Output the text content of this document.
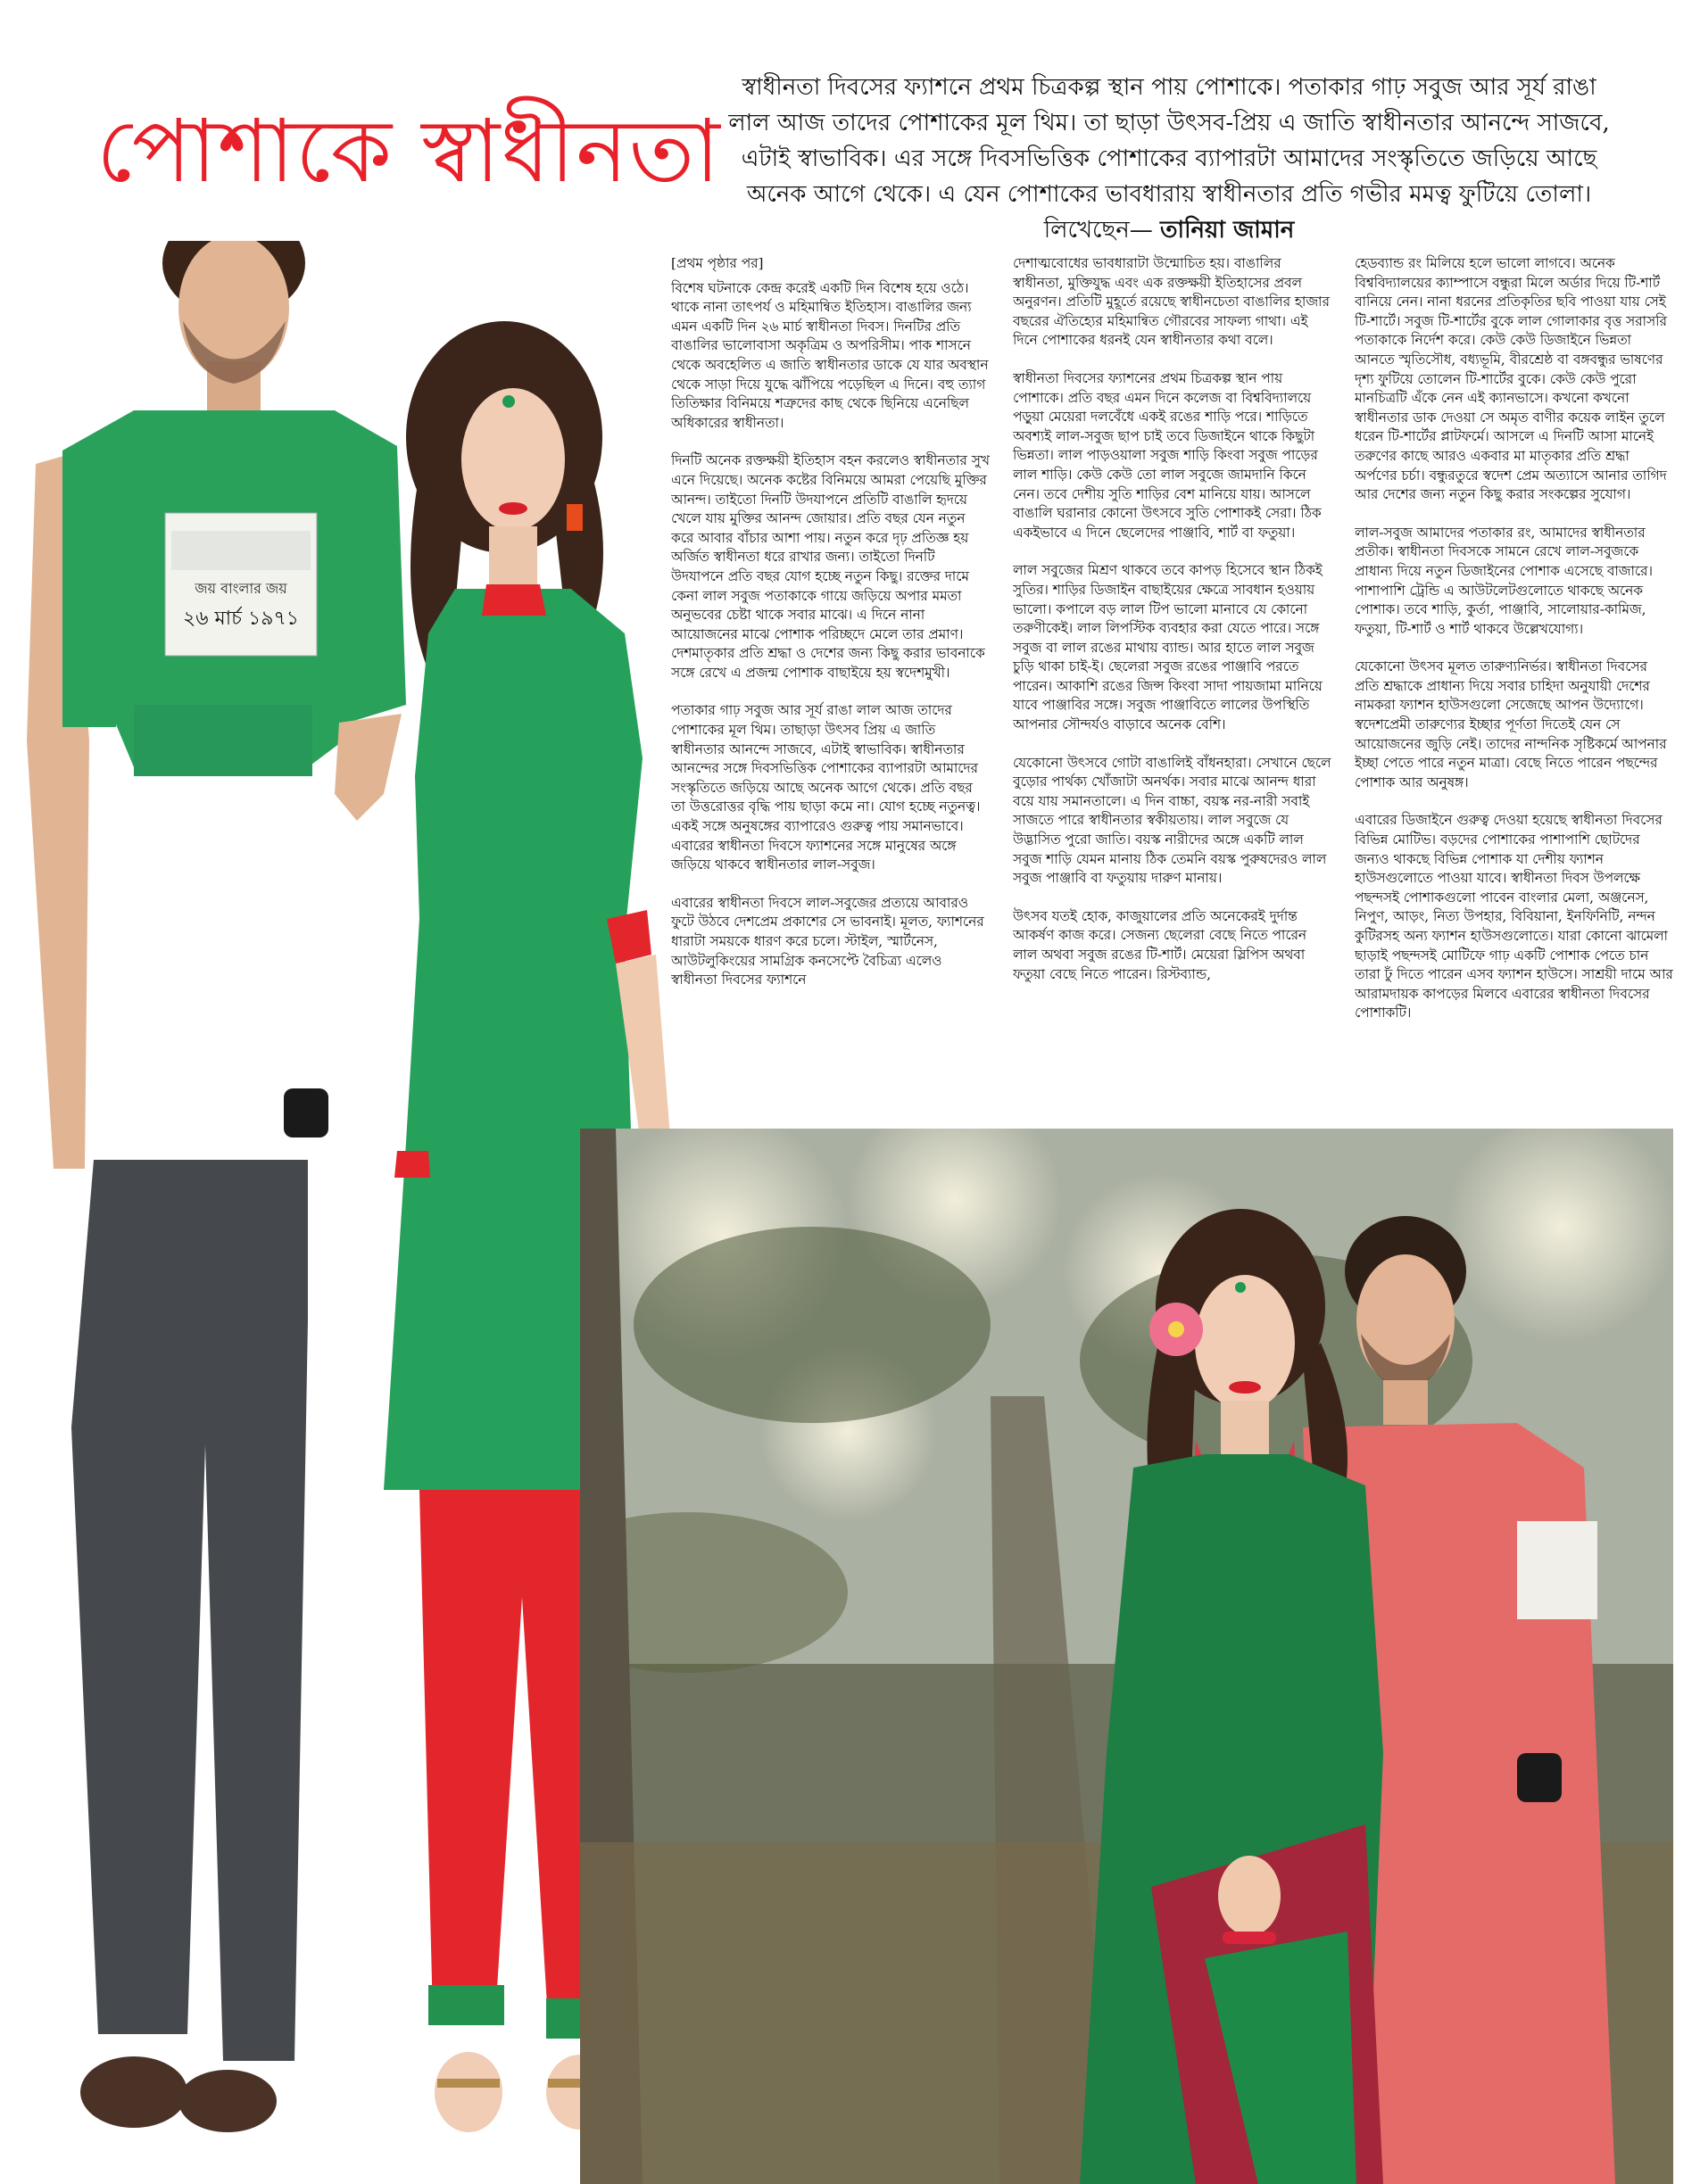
পোশাকে স্বাধীনতা
স্বাধীনতা দিবসের ফ্যাশনে প্রথম চিত্রকল্প স্থান পায় পোশাকে। পতাকার গাঢ় সবুজ আর সূর্য রাঙা লাল আজ তাদের পোশাকের মূল থিম। তা ছাড়া উৎসব-প্রিয় এ জাতি স্বাধীনতার আনন্দে সাজবে, এটাই স্বাভাবিক। এর সঙ্গে দিবসভিত্তিক পোশাকের ব্যাপারটা আমাদের সংস্কৃতিতে জড়িয়ে আছে অনেক আগে থেকে। এ যেন পোশাকের ভাবধারায় স্বাধীনতার প্রতি গভীর মমত্ব ফুটিয়ে তোলা। লিখেছেন— তানিয়া জামান
জয় বাংলার জয়
২৬ মার্চ ১৯৭১
[প্রথম পৃষ্ঠার পর]

বিশেষ ঘটনাকে কেন্দ্র করেই একটি দিন বিশেষ হয়ে ওঠে। থাকে নানা তাৎপর্য ও মহিমান্বিত ইতিহাস। বাঙালির জন্য এমন একটি দিন ২৬ মার্চ স্বাধীনতা দিবস। দিনটির প্রতি বাঙালির ভালোবাসা অকৃত্রিম ও অপরিসীম। পাক শাসনে থেকে অবহেলিত এ জাতি স্বাধীনতার ডাকে যে যার অবস্থান থেকে সাড়া দিয়ে যুদ্ধে ঝাঁপিয়ে পড়েছিল এ দিনে। বহু ত্যাগ তিতিক্ষার বিনিময়ে শত্রুদের কাছ থেকে ছিনিয়ে এনেছিল অধিকারের স্বাধীনতা।

দিনটি অনেক রক্তক্ষয়ী ইতিহাস বহন করলেও স্বাধীনতার সুখ এনে দিয়েছে। অনেক কষ্টের বিনিময়ে আমরা পেয়েছি মুক্তির আনন্দ। তাইতো দিনটি উদযাপনে প্রতিটি বাঙালি হৃদয়ে খেলে যায় মুক্তির আনন্দ জোয়ার। প্রতি বছর যেন নতুন করে আবার বাঁচার আশা পায়। নতুন করে দৃঢ় প্রতিজ্ঞ হয় অর্জিত স্বাধীনতা ধরে রাখার জন্য। তাইতো দিনটি উদযাপনে প্রতি বছর যোগ হচ্ছে নতুন কিছু। রক্তের দামে কেনা লাল সবুজ পতাকাকে গায়ে জড়িয়ে অপার মমতা অনুভবের চেষ্টা থাকে সবার মাঝে। এ দিনে নানা আয়োজনের মাঝে পোশাক পরিচ্ছদে মেলে তার প্রমাণ। দেশমাতৃকার প্রতি শ্রদ্ধা ও দেশের জন্য কিছু করার ভাবনাকে সঙ্গে রেখে এ প্রজন্ম পোশাক বাছাইয়ে হয় স্বদেশমুখী।

পতাকার গাঢ় সবুজ আর সূর্য রাঙা লাল আজ তাদের পোশাকের মূল থিম। তাছাড়া উৎসব প্রিয় এ জাতি স্বাধীনতার আনন্দে সাজবে, এটাই স্বাভাবিক। স্বাধীনতার আনন্দের সঙ্গে দিবসভিত্তিক পোশাকের ব্যাপারটা আমাদের সংস্কৃতিতে জড়িয়ে আছে অনেক আগে থেকে। প্রতি বছর তা উত্তরোত্তর বৃদ্ধি পায় ছাড়া কমে না। যোগ হচ্ছে নতুনত্ব। একই সঙ্গে অনুষঙ্গের ব্যাপারেও গুরুত্ব পায় সমানভাবে। এবারের স্বাধীনতা দিবসে ফ্যাশনের সঙ্গে মানুষের অঙ্গে জড়িয়ে থাকবে স্বাধীনতার লাল-সবুজ।

এবারের স্বাধীনতা দিবসে লাল-সবুজের প্রত্যয়ে আবারও ফুটে উঠবে দেশপ্রেম প্রকাশের সে ভাবনাই। মূলত, ফ্যাশনের ধারাটা সময়কে ধারণ করে চলে। স্টাইল, স্মার্টনেস, আউটলুকিংয়ের সামগ্রিক কনসেপ্টে বৈচিত্র্য এলেও স্বাধীনতা দিবসের ফ্যাশনে

দেশাত্মবোধের ভাবধারাটা উন্মোচিত হয়। বাঙালির স্বাধীনতা, মুক্তিযুদ্ধ এবং এক রক্তক্ষয়ী ইতিহাসের প্রবল অনুরণন। প্রতিটি মুহূর্তে রয়েছে স্বাধীনচেতা বাঙালির হাজার বছরের ঐতিহ্যের মহিমান্বিত গৌরবের সাফল্য গাথা। এই দিনে পোশাকের ধরনই যেন স্বাধীনতার কথা বলে।

স্বাধীনতা দিবসের ফ্যাশনের প্রথম চিত্রকল্প স্থান পায় পোশাকে। প্রতি বছর এমন দিনে কলেজ বা বিশ্ববিদ্যালয়ে পড়ুয়া মেয়েরা দলবেঁধে একই রঙের শাড়ি পরে। শাড়িতে অবশ্যই লাল-সবুজ ছাপ চাই তবে ডিজাইনে থাকে কিছুটা ভিন্নতা। লাল পাড়ওয়ালা সবুজ শাড়ি কিংবা সবুজ পাড়ের লাল শাড়ি। কেউ কেউ তো লাল সবুজে জামদানি কিনে নেন। তবে দেশীয় সুতি শাড়ির বেশ মানিয়ে যায়। আসলে বাঙালি ঘরানার কোনো উৎসবে সুতি পোশাকই সেরা। ঠিক একইভাবে এ দিনে ছেলেদের পাঞ্জাবি, শার্ট বা ফতুয়া।

লাল সবুজের মিশ্রণ থাকবে তবে কাপড় হিসেবে স্থান ঠিকই সুতির। শাড়ির ডিজাইন বাছাইয়ের ক্ষেত্রে সাবধান হওয়ায় ভালো। কপালে বড় লাল টিপ ভালো মানাবে যে কোনো তরুণীকেই। লাল লিপস্টিক ব্যবহার করা যেতে পারে। সঙ্গে সবুজ বা লাল রঙের মাথায় ব্যান্ড। আর হাতে লাল সবুজ চুড়ি থাকা চাই-ই। ছেলেরা সবুজ রঙের পাঞ্জাবি পরতে পারেন। আকাশি রঙের জিন্স কিংবা সাদা পায়জামা মানিয়ে যাবে পাঞ্জাবির সঙ্গে। সবুজ পাঞ্জাবিতে লালের উপস্থিতি আপনার সৌন্দর্যও বাড়াবে অনেক বেশি।

যেকোনো উৎসবে গোটা বাঙালিই বাঁধনহারা। সেখানে ছেলে বুড়োর পার্থক্য খোঁজাটা অনর্থক। সবার মাঝে আনন্দ ধারা বয়ে যায় সমানতালে। এ দিন বাচ্চা, বয়স্ক নর-নারী সবাই সাজতে পারে স্বাধীনতার স্বকীয়তায়। লাল সবুজে যে উদ্ভাসিত পুরো জাতি। বয়স্ক নারীদের অঙ্গে একটি লাল সবুজ শাড়ি যেমন মানায় ঠিক তেমনি বয়স্ক পুরুষদেরও লাল সবুজ পাঞ্জাবি বা ফতুয়ায় দারুণ মানায়।

উৎসব যতই হোক, কাজুয়ালের প্রতি অনেকেরই দুর্দান্ত আকর্ষণ কাজ করে। সেজন্য ছেলেরা বেছে নিতে পারেন লাল অথবা সবুজ রঙের টি-শার্ট। মেয়েরা স্লিপিস অথবা ফতুয়া বেছে নিতে পারেন। রিস্টব্যান্ড,

হেডব্যান্ড রং মিলিয়ে হলে ভালো লাগবে। অনেক বিশ্ববিদ্যালয়ের ক্যাম্পাসে বন্ধুরা মিলে অর্ডার দিয়ে টি-শার্ট বানিয়ে নেন। নানা ধরনের প্রতিকৃতির ছবি পাওয়া যায় সেই টি-শার্টে। সবুজ টি-শার্টের বুকে লাল গোলাকার বৃত্ত সরাসরি পতাকাকে নির্দেশ করে। কেউ কেউ ডিজাইনে ভিন্নতা আনতে স্মৃতিসৌধ, বধ্যভূমি, বীরশ্রেষ্ঠ বা বঙ্গবন্ধুর ভাষণের দৃশ্য ফুটিয়ে তোলেন টি-শার্টের বুকে। কেউ কেউ পুরো মানচিত্রটি এঁকে নেন এই ক্যানভাসে। কখনো কখনো স্বাধীনতার ডাক দেওয়া সে অমৃত বাণীর কয়েক লাইন তুলে ধরেন টি-শার্টের প্লাটফর্মে। আসলে এ দিনটি আসা মানেই তরুণের কাছে আরও একবার মা মাতৃকার প্রতি শ্রদ্ধা অর্পণের চর্চা। বন্ধুরতুরে স্বদেশ প্রেম অত্যাসে আনার তাগিদ আর দেশের জন্য নতুন কিছু করার সংকল্পের সুযোগ।

লাল-সবুজ আমাদের পতাকার রং, আমাদের স্বাধীনতার প্রতীক। স্বাধীনতা দিবসকে সামনে রেখে লাল-সবুজকে প্রাধান্য দিয়ে নতুন ডিজাইনের পোশাক এসেছে বাজারে। পাশাপাশি ট্রেন্ডি এ আউটলেটগুলোতে থাকছে অনেক পোশাক। তবে শাড়ি, কুর্তা, পাঞ্জাবি, সালোয়ার-কামিজ, ফতুয়া, টি-শার্ট ও শার্ট থাকবে উল্লেখযোগ্য।

যেকোনো উৎসব মূলত তারুণ্যনির্ভর। স্বাধীনতা দিবসের প্রতি শ্রদ্ধাকে প্রাধান্য দিয়ে সবার চাহিদা অনুযায়ী দেশের নামকরা ফ্যাশন হাউসগুলো সেজেছে আপন উদ্যোগে। স্বদেশপ্রেমী তারুণ্যের ইচ্ছার পূর্ণতা দিতেই যেন সে আয়োজনের জুড়ি নেই। তাদের নান্দনিক সৃষ্টিকর্মে আপনার ইচ্ছা পেতে পারে নতুন মাত্রা। বেছে নিতে পারেন পছন্দের পোশাক আর অনুষঙ্গ।

এবারের ডিজাইনে গুরুত্ব দেওয়া হয়েছে স্বাধীনতা দিবসের বিভিন্ন মোটিভ। বড়দের পোশাকের পাশাপাশি ছোটদের জন্যও থাকছে বিভিন্ন পোশাক যা দেশীয় ফ্যাশন হাউসগুলোতে পাওয়া যাবে। স্বাধীনতা দিবস উপলক্ষে পছন্দসই পোশাকগুলো পাবেন বাংলার মেলা, অঞ্জনেস, নিপুণ, আড়ং, নিত্য উপহার, বিবিয়ানা, ইনফিনিটি, নন্দন কুটিরসহ অন্য ফ্যাশন হাউসগুলোতে। যারা কোনো ঝামেলা ছাড়াই পছন্দসই মোটিফে গাঢ় একটি পোশাক পেতে চান তারা ঢুঁ দিতে পারেন এসব ফ্যাশন হাউসে। সাশ্রয়ী দামে আর আরামদায়ক কাপড়ের মিলবে এবারের স্বাধীনতা দিবসের পোশাকটি।
